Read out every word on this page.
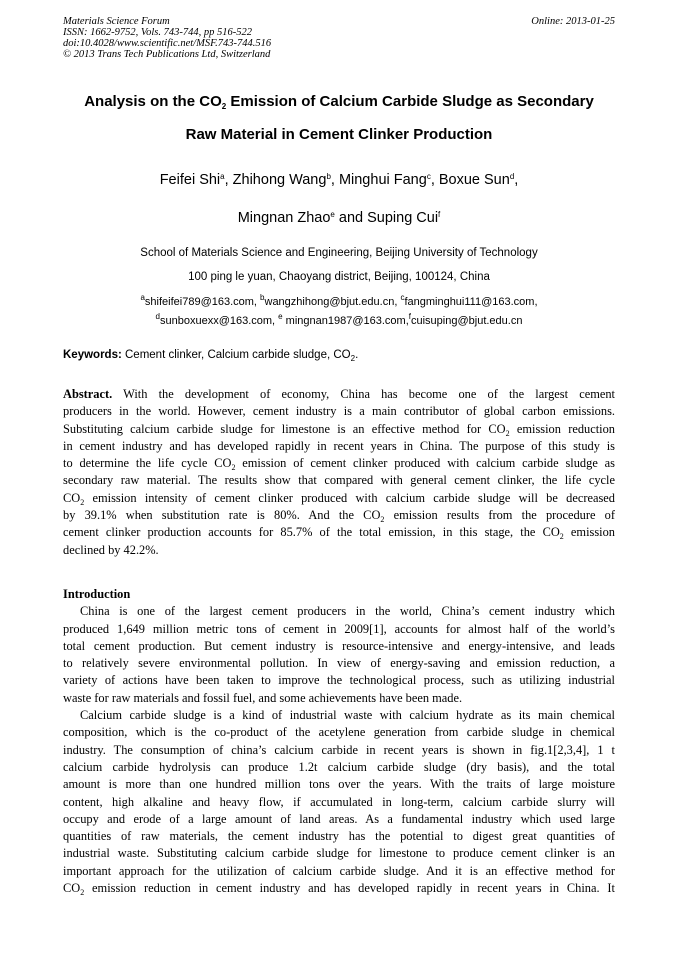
Materials Science Forum
ISSN: 1662-9752, Vols. 743-744, pp 516-522
doi:10.4028/www.scientific.net/MSF.743-744.516
© 2013 Trans Tech Publications Ltd, Switzerland
Online: 2013-01-25
Analysis on the $CO_2$ Emission of Calcium Carbide Sludge as Secondary
Raw Material in Cement Clinker Production
Feifei Shi$^a$, Zhihong Wang$^b$, Minghui Fang$^c$, Boxue Sun$^d$,
Mingnan Zhao$^e$ and Suping Cui$^f$
School of Materials Science and Engineering, Beijing University of Technology
100 ping le yuan, Chaoyang district, Beijing, 100124, China
$^a$shifeifei789@163.com, $^b$wangzhihong@bjut.edu.cn, $^c$fangminghui111@163.com,
$^d$sunboxuexx@163.com, $^e$ mingnan1987@163.com,$^f$cuisuping@bjut.edu.cn
Keywords: Cement clinker, Calcium carbide sludge, $CO_2$.
Abstract. With the development of economy, China has become one of the largest cement
producers in the world. However, cement industry is a main contributor of global carbon emissions.
Substituting calcium carbide sludge for limestone is an effective method for $CO_2$ emission reduction
in cement industry and has developed rapidly in recent years in China. The purpose of this study is
to determine the life cycle $CO_2$ emission of cement clinker produced with calcium carbide sludge as
secondary raw material. The results show that compared with general cement clinker, the life cycle
$CO_2$ emission intensity of cement clinker produced with calcium carbide sludge will be decreased
by 39.1% when substitution rate is 80%. And the $CO_2$ emission results from the procedure of
cement clinker production accounts for 85.7% of the total emission, in this stage, the $CO_2$ emission
declined by 42.2%.
Introduction
China is one of the largest cement producers in the world, China’s cement industry which
produced 1,649 million metric tons of cement in 2009[1], accounts for almost half of the world’s
total cement production. But cement industry is resource-intensive and energy-intensive, and leads
to relatively severe environmental pollution. In view of energy-saving and emission reduction, a
variety of actions have been taken to improve the technological process, such as utilizing industrial
waste for raw materials and fossil fuel, and some achievements have been made.
Calcium carbide sludge is a kind of industrial waste with calcium hydrate as its main chemical
composition, which is the co-product of the acetylene generation from carbide sludge in chemical
industry. The consumption of china’s calcium carbide in recent years is shown in fig.1[2,3,4], 1 t
calcium carbide hydrolysis can produce 1.2t calcium carbide sludge (dry basis), and the total
amount is more than one hundred million tons over the years. With the traits of large moisture
content, high alkaline and heavy flow, if accumulated in long-term, calcium carbide slurry will
occupy and erode of a large amount of land areas. As a fundamental industry which used large
quantities of raw materials, the cement industry has the potential to digest great quantities of
industrial waste. Substituting calcium carbide sludge for limestone to produce cement clinker is an
important approach for the utilization of calcium carbide sludge. And it is an effective method for
$CO_2$ emission reduction in cement industry and has developed rapidly in recent years in China. It
